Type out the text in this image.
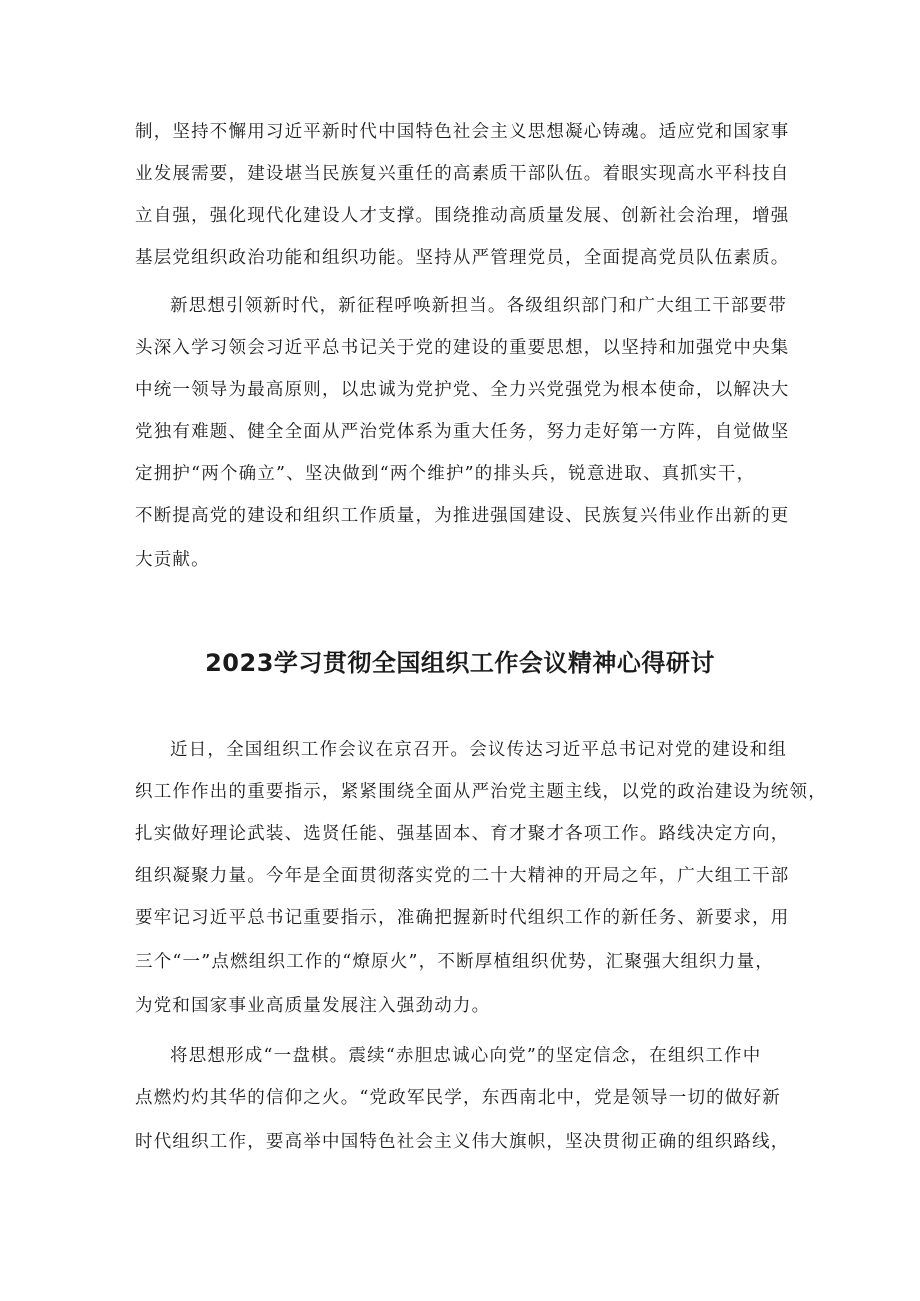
制，坚持不懈用习近平新时代中国特色社会主义思想凝心铸魂。适应党和国家事
业发展需要，建设堪当民族复兴重任的高素质干部队伍。着眼实现高水平科技自
立自强，强化现代化建设人才支撑。围绕推动高质量发展、创新社会治理，增强
基层党组织政治功能和组织功能。坚持从严管理党员，全面提高党员队伍素质。
新思想引领新时代，新征程呼唤新担当。各级组织部门和广大组工干部要带
头深入学习领会习近平总书记关于党的建设的重要思想，以坚持和加强党中央集
中统一领导为最高原则，以忠诚为党护党、全力兴党强党为根本使命，以解决大
党独有难题、健全全面从严治党体系为重大任务，努力走好第一方阵，自觉做坚
定拥护“两个确立”、坚决做到“两个维护”的排头兵，锐意进取、真抓实干，
不断提高党的建设和组织工作质量，为推进强国建设、民族复兴伟业作出新的更
大贡献。
2023学习贯彻全国组织工作会议精神心得研讨
近日，全国组织工作会议在京召开。会议传达习近平总书记对党的建设和组
织工作作出的重要指示，紧紧围绕全面从严治党主题主线，以党的政治建设为统领，
扎实做好理论武装、选贤任能、强基固本、育才聚才各项工作。路线决定方向，
组织凝聚力量。今年是全面贯彻落实党的二十大精神的开局之年，广大组工干部
要牢记习近平总书记重要指示，准确把握新时代组织工作的新任务、新要求，用
三个“一”点燃组织工作的“燎原火”，不断厚植组织优势，汇聚强大组织力量，
为党和国家事业高质量发展注入强劲动力。
将思想形成“一盘棋。震续“赤胆忠诚心向党”的坚定信念，在组织工作中
点燃灼灼其华的信仰之火。“党政军民学，东西南北中，党是领导一切的做好新
时代组织工作，要高举中国特色社会主义伟大旗帜，坚决贯彻正确的组织路线，
